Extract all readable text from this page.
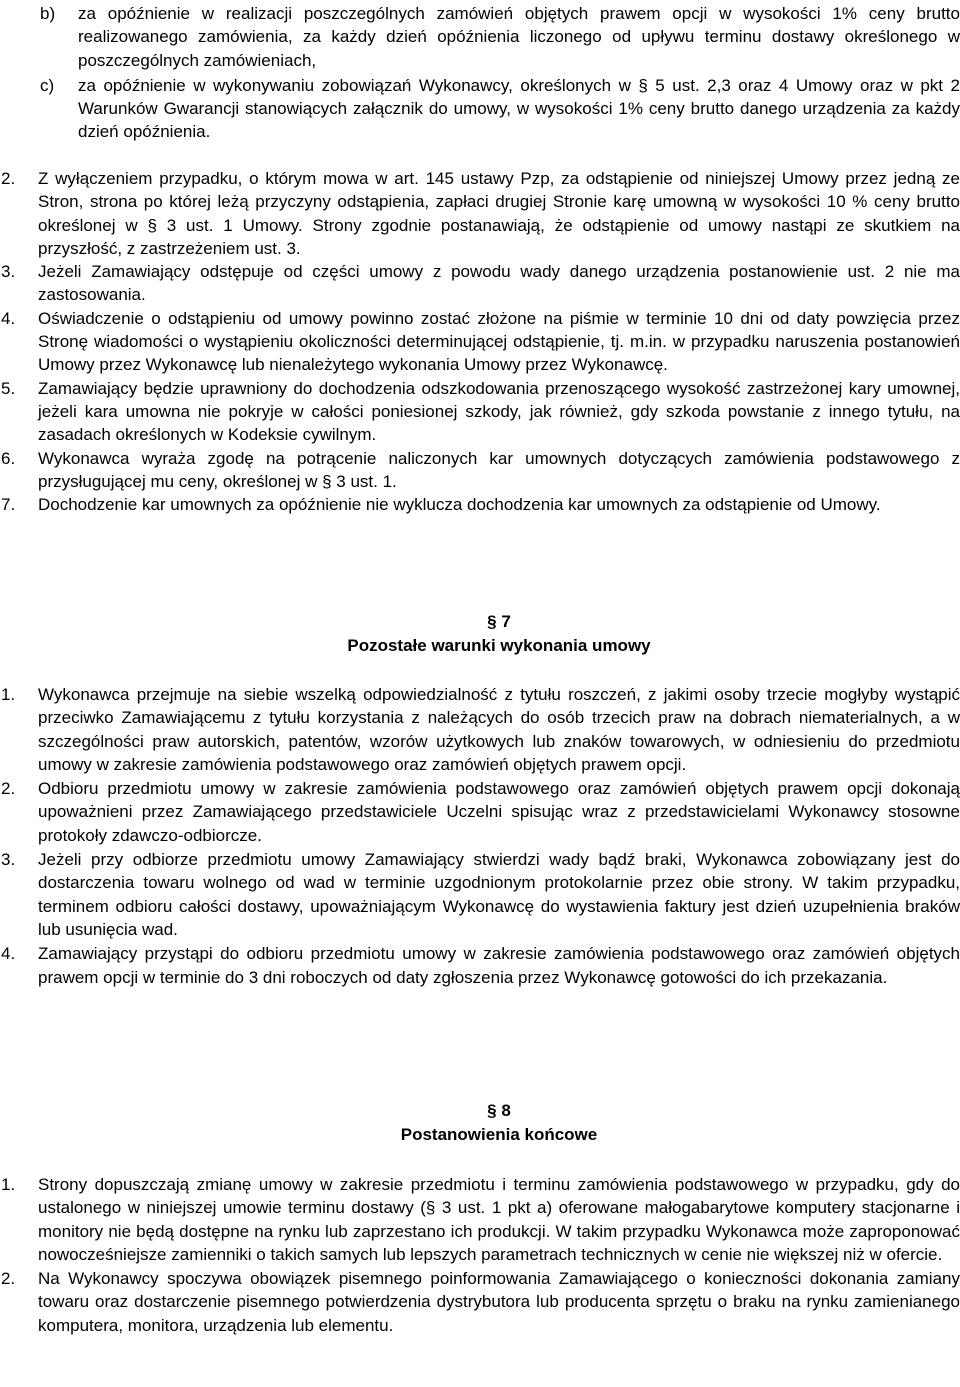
b) za opóźnienie w realizacji poszczególnych zamówień objętych prawem opcji w wysokości 1% ceny brutto realizowanego zamówienia, za każdy dzień opóźnienia liczonego od upływu terminu dostawy określonego w poszczególnych zamówieniach,
c) za opóźnienie w wykonywaniu zobowiązań Wykonawcy, określonych w § 5 ust. 2,3 oraz 4 Umowy oraz w pkt 2 Warunków Gwarancji stanowiących załącznik do umowy, w wysokości 1% ceny brutto danego urządzenia za każdy dzień opóźnienia.
2. Z wyłączeniem przypadku, o którym mowa w art. 145 ustawy Pzp, za odstąpienie od niniejszej Umowy przez jedną ze Stron, strona po której leżą przyczyny odstąpienia, zapłaci drugiej Stronie karę umowną w wysokości 10 % ceny brutto określonej w § 3 ust. 1 Umowy. Strony zgodnie postanawiają, że odstąpienie od umowy nastąpi ze skutkiem na przyszłość, z zastrzeżeniem ust. 3.
3. Jeżeli Zamawiający odstępuje od części umowy z powodu wady danego urządzenia postanowienie ust. 2 nie ma zastosowania.
4. Oświadczenie o odstąpieniu od umowy powinno zostać złożone na piśmie w terminie 10 dni od daty powzięcia przez Stronę wiadomości o wystąpieniu okoliczności determinującej odstąpienie, tj. m.in. w przypadku naruszenia postanowień Umowy przez Wykonawcę lub nienależytego wykonania Umowy przez Wykonawcę.
5. Zamawiający będzie uprawniony do dochodzenia odszkodowania przenoszącego wysokość zastrzeżonej kary umownej, jeżeli kara umowna nie pokryje w całości poniesionej szkody, jak również, gdy szkoda powstanie z innego tytułu, na zasadach określonych w Kodeksie cywilnym.
6. Wykonawca wyraża zgodę na potrącenie naliczonych kar umownych dotyczących zamówienia podstawowego z przysługującej mu ceny, określonej w § 3 ust. 1.
7. Dochodzenie kar umownych za opóźnienie nie wyklucza dochodzenia kar umownych za odstąpienie od Umowy.
§ 7
Pozostałe warunki wykonania umowy
1. Wykonawca przejmuje na siebie wszelką odpowiedzialność z tytułu roszczeń, z jakimi osoby trzecie mogłyby wystąpić przeciwko Zamawiającemu z tytułu korzystania z należących do osób trzecich praw na dobrach niematerialnych, a w szczególności praw autorskich, patentów, wzorów użytkowych lub znaków towarowych, w odniesieniu do przedmiotu umowy w zakresie zamówienia podstawowego oraz zamówień objętych prawem opcji.
2. Odbioru przedmiotu umowy w zakresie zamówienia podstawowego oraz zamówień objętych prawem opcji dokonają upoważnieni przez Zamawiającego przedstawiciele Uczelni spisując wraz z przedstawicielami Wykonawcy stosowne protokoły zdawczo-odbiorcze.
3. Jeżeli przy odbiorze przedmiotu umowy Zamawiający stwierdzi wady bądź braki, Wykonawca zobowiązany jest do dostarczenia towaru wolnego od wad w terminie uzgodnionym protokolarnie przez obie strony. W takim przypadku, terminem odbioru całości dostawy, upoważniającym Wykonawcę do wystawienia faktury jest dzień uzupełnienia braków lub usunięcia wad.
4. Zamawiający przystąpi do odbioru przedmiotu umowy w zakresie zamówienia podstawowego oraz zamówień objętych prawem opcji w terminie do 3 dni roboczych od daty zgłoszenia przez Wykonawcę gotowości do ich przekazania.
§ 8
Postanowienia końcowe
1. Strony dopuszczają zmianę umowy w zakresie przedmiotu i terminu zamówienia podstawowego w przypadku, gdy do ustalonego w niniejszej umowie terminu dostawy (§ 3 ust. 1 pkt a) oferowane małogabarytowe komputery stacjonarne i monitory nie będą dostępne na rynku lub zaprzestano ich produkcji. W takim przypadku Wykonawca może zaproponować nowocześniejsze zamienniki o takich samych lub lepszych parametrach technicznych w cenie nie większej niż w ofercie.
2. Na Wykonawcy spoczywa obowiązek pisemnego poinformowania Zamawiającego o konieczności dokonania zamiany towaru oraz dostarczenie pisemnego potwierdzenia dystrybutora lub producenta sprzętu o braku na rynku zamienianego komputera, monitora, urządzenia lub elementu.
